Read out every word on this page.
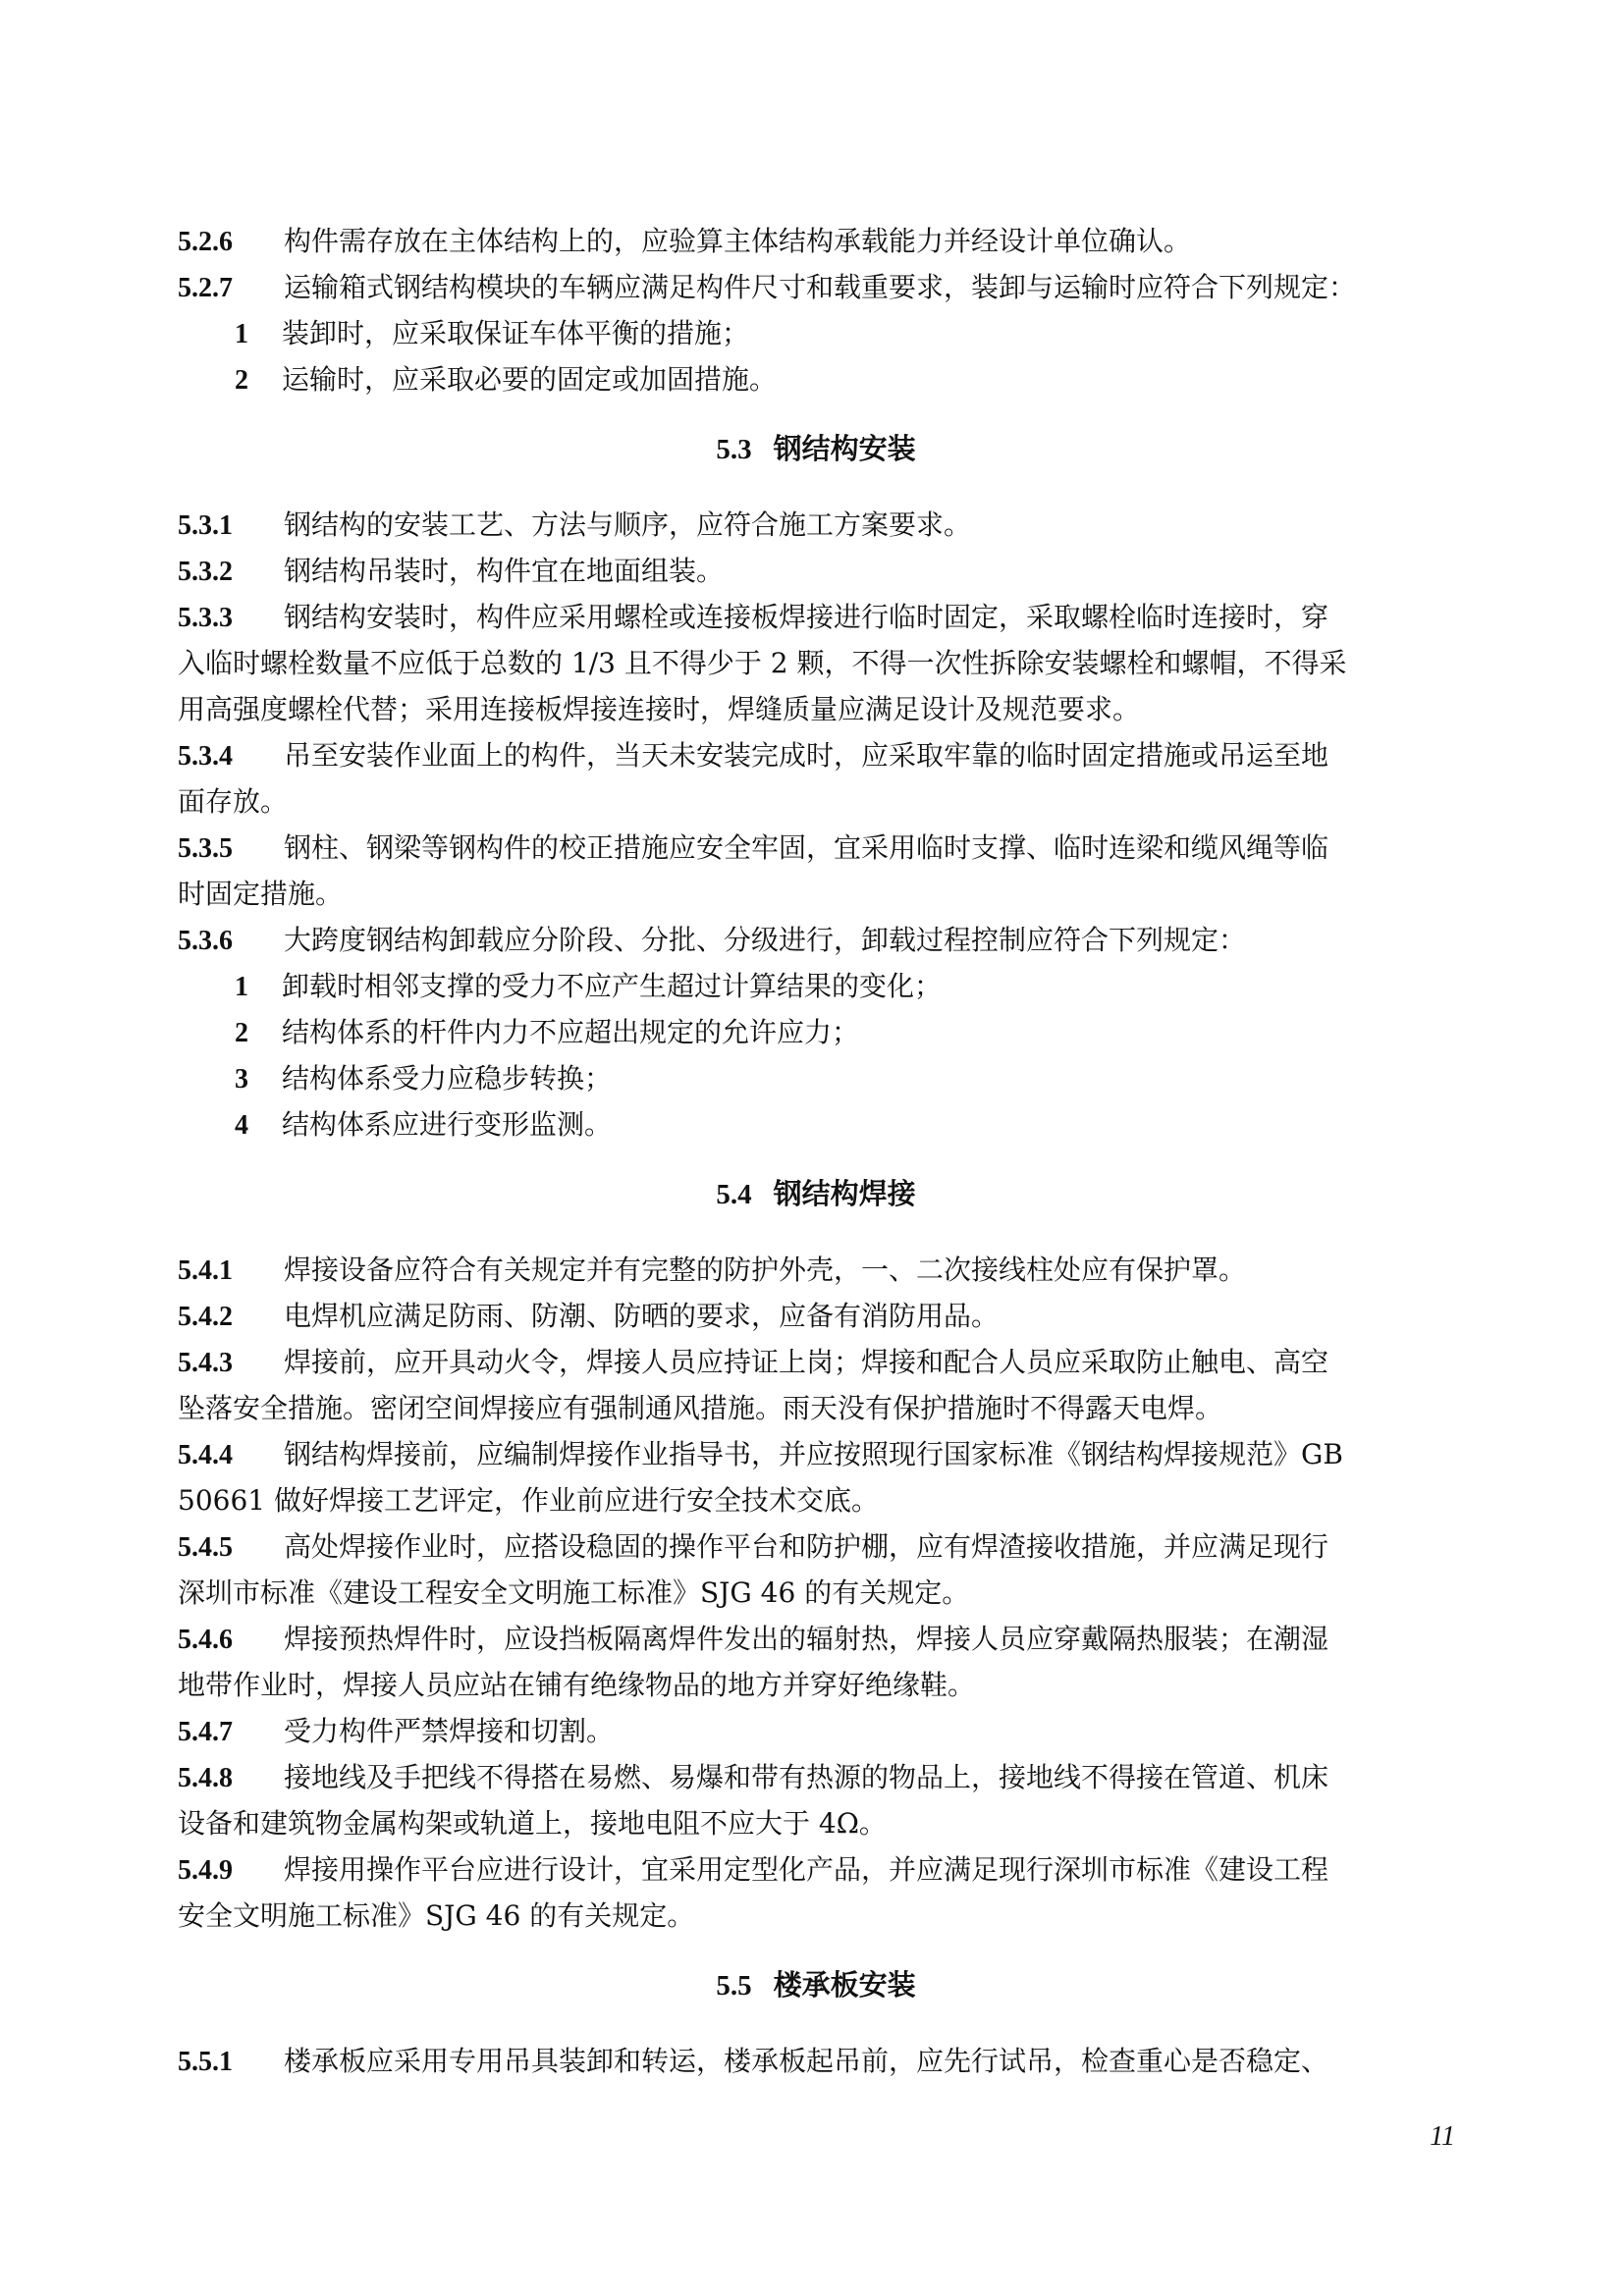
5.2.6 构件需存放在主体结构上的，应验算主体结构承载能力并经设计单位确认。
5.2.7 运输箱式钢结构模块的车辆应满足构件尺寸和载重要求，装卸与运输时应符合下列规定：
1 装卸时，应采取保证车体平衡的措施；
2 运输时，应采取必要的固定或加固措施。
5.3 钢结构安装
5.3.1 钢结构的安装工艺、方法与顺序，应符合施工方案要求。
5.3.2 钢结构吊装时，构件宜在地面组装。
5.3.3 钢结构安装时，构件应采用螺栓或连接板焊接进行临时固定，采取螺栓临时连接时，穿
入临时螺栓数量不应低于总数的 1/3 且不得少于 2 颗，不得一次性拆除安装螺栓和螺帽，不得采
用高强度螺栓代替；采用连接板焊接连接时，焊缝质量应满足设计及规范要求。
5.3.4 吊至安装作业面上的构件，当天未安装完成时，应采取牢靠的临时固定措施或吊运至地
面存放。
5.3.5 钢柱、钢梁等钢构件的校正措施应安全牢固，宜采用临时支撑、临时连梁和缆风绳等临
时固定措施。
5.3.6 大跨度钢结构卸载应分阶段、分批、分级进行，卸载过程控制应符合下列规定：
1 卸载时相邻支撑的受力不应产生超过计算结果的变化；
2 结构体系的杆件内力不应超出规定的允许应力；
3 结构体系受力应稳步转换；
4 结构体系应进行变形监测。
5.4 钢结构焊接
5.4.1 焊接设备应符合有关规定并有完整的防护外壳，一、二次接线柱处应有保护罩。
5.4.2 电焊机应满足防雨、防潮、防晒的要求，应备有消防用品。
5.4.3 焊接前，应开具动火令，焊接人员应持证上岗；焊接和配合人员应采取防止触电、高空
坠落安全措施。密闭空间焊接应有强制通风措施。雨天没有保护措施时不得露天电焊。
5.4.4 钢结构焊接前，应编制焊接作业指导书，并应按照现行国家标准《钢结构焊接规范》GB
50661 做好焊接工艺评定，作业前应进行安全技术交底。
5.4.5 高处焊接作业时，应搭设稳固的操作平台和防护棚，应有焊渣接收措施，并应满足现行
深圳市标准《建设工程安全文明施工标准》SJG 46 的有关规定。
5.4.6 焊接预热焊件时，应设挡板隔离焊件发出的辐射热，焊接人员应穿戴隔热服装；在潮湿
地带作业时，焊接人员应站在铺有绝缘物品的地方并穿好绝缘鞋。
5.4.7 受力构件严禁焊接和切割。
5.4.8 接地线及手把线不得搭在易燃、易爆和带有热源的物品上，接地线不得接在管道、机床
设备和建筑物金属构架或轨道上，接地电阻不应大于 4Ω。
5.4.9 焊接用操作平台应进行设计，宜采用定型化产品，并应满足现行深圳市标准《建设工程
安全文明施工标准》SJG 46 的有关规定。
5.5 楼承板安装
5.5.1 楼承板应采用专用吊具装卸和转运，楼承板起吊前，应先行试吊，检查重心是否稳定、
11
